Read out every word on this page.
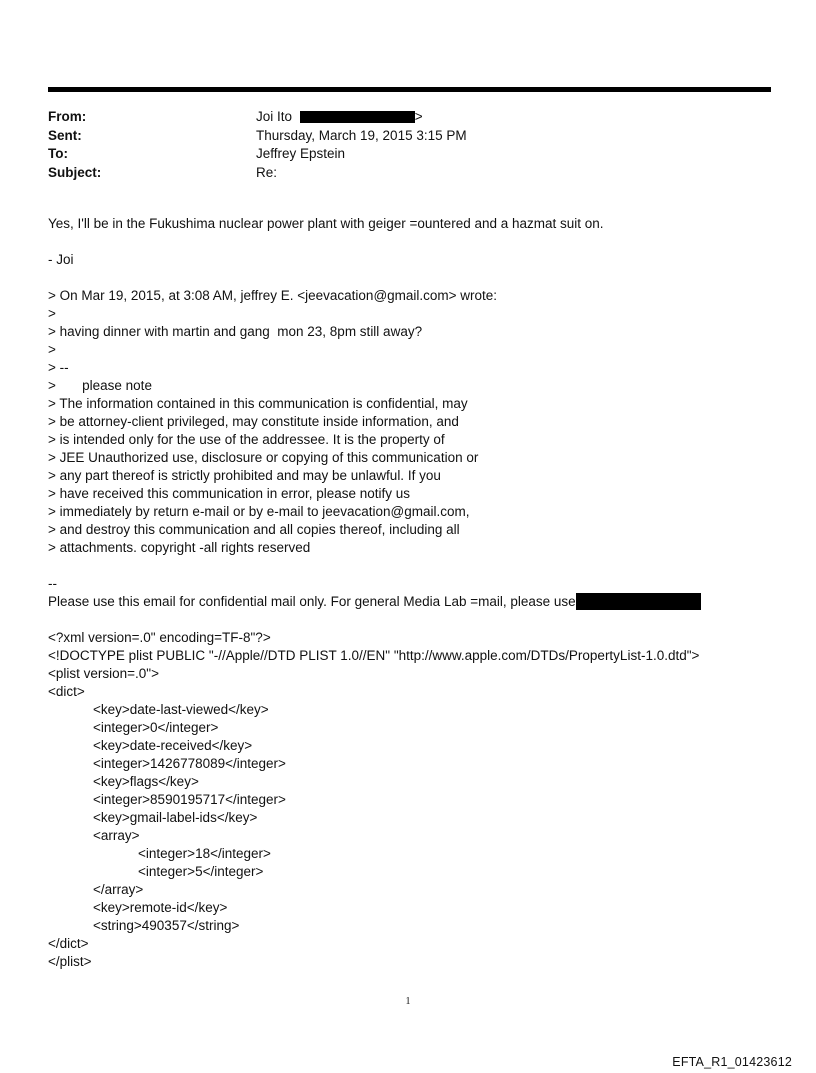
From:	Joi Ito	>
Sent:	Thursday, March 19, 2015 3:15 PM
To:	Jeffrey Epstein
Subject:	Re:
Yes, I'll be in the Fukushima nuclear power plant with geiger =ountered and a hazmat suit on.
- Joi
> On Mar 19, 2015, at 3:08 AM, jeffrey E. <jeevacation@gmail.com> wrote:
>
> having dinner with martin and gang  mon 23, 8pm still away?
>
> --
>       please note
> The information contained in this communication is confidential, may
> be attorney-client privileged, may constitute inside information, and
> is intended only for the use of the addressee. It is the property of
> JEE Unauthorized use, disclosure or copying of this communication or
> any part thereof is strictly prohibited and may be unlawful. If you
> have received this communication in error, please notify us
> immediately by return e-mail or by e-mail to jeevacation@gmail.com,
> and destroy this communication and all copies thereof, including all
> attachments. copyright -all rights reserved
--
Please use this email for confidential mail only. For general Media Lab =mail, please use
<?xml version=.0" encoding=TF-8"?>
<!DOCTYPE plist PUBLIC "-//Apple//DTD PLIST 1.0//EN" "http://www.apple.com/DTDs/PropertyList-1.0.dtd">
<plist version=.0">
<dict>
<key>date-last-viewed</key>
<integer>0</integer>
<key>date-received</key>
<integer>1426778089</integer>
<key>flags</key>
<integer>8590195717</integer>
<key>gmail-label-ids</key>
<array>
<integer>18</integer>
<integer>5</integer>
</array>
<key>remote-id</key>
<string>490357</string>
</dict>
</plist>
1
EFTA_R1_01423612
